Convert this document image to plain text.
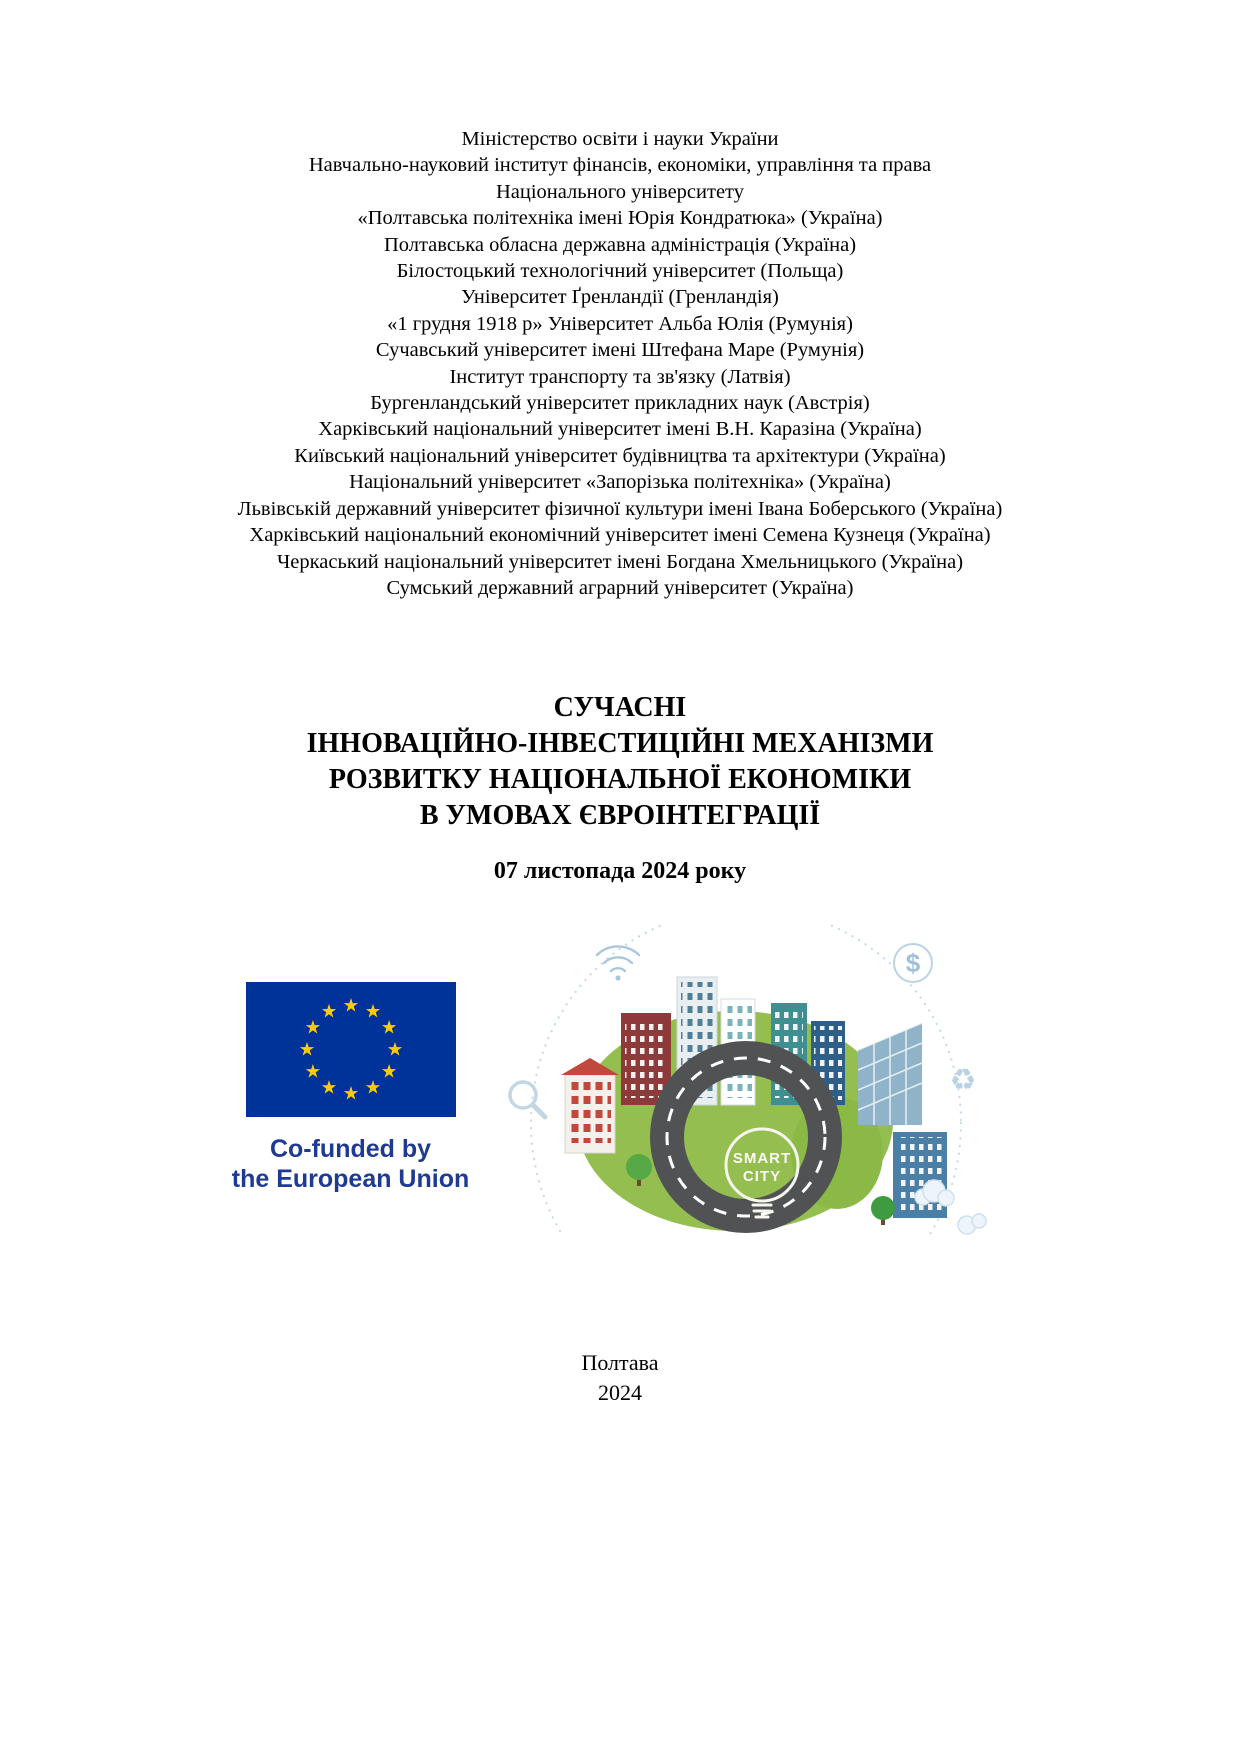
Міністерство освіти і науки України
Навчально-науковий інститут фінансів, економіки, управління та права
Національного університету
«Полтавська політехніка імені Юрія Кондратюка» (Україна)
Полтавська обласна державна адміністрація (Україна)
Білостоцький технологічний університет (Польща)
Університет Ґренландії (Гренландія)
«1 грудня 1918 р» Університет Альба Юлія (Румунія)
Сучавський університет імені Штефана Маре (Румунія)
Інститут транспорту та зв'язку (Латвія)
Бургенландський університет прикладних наук (Австрія)
Харківський національний університет імені В.Н. Каразіна (Україна)
Київський національний університет будівництва та архітектури (Україна)
Національний університет «Запорізька політехніка» (Україна)
Львівській державний університет фізичної культури імені Івана Боберського (Україна)
Харківський національний економічний університет імені Семена Кузнеця (Україна)
Черкаський національний університет імені Богдана Хмельницького (Україна)
Сумський державний аграрний університет (Україна)
СУЧАСНІ
ІННОВАЦІЙНО-ІНВЕСТИЦІЙНІ МЕХАНІЗМИ
РОЗВИТКУ НАЦІОНАЛЬНОЇ ЕКОНОМІКИ
В УМОВАХ ЄВРОІНТЕГРАЦІЇ
07 листопада 2024 року
Co-funded by
the European Union
SMART
CITY
$
♻
Полтава
2024
